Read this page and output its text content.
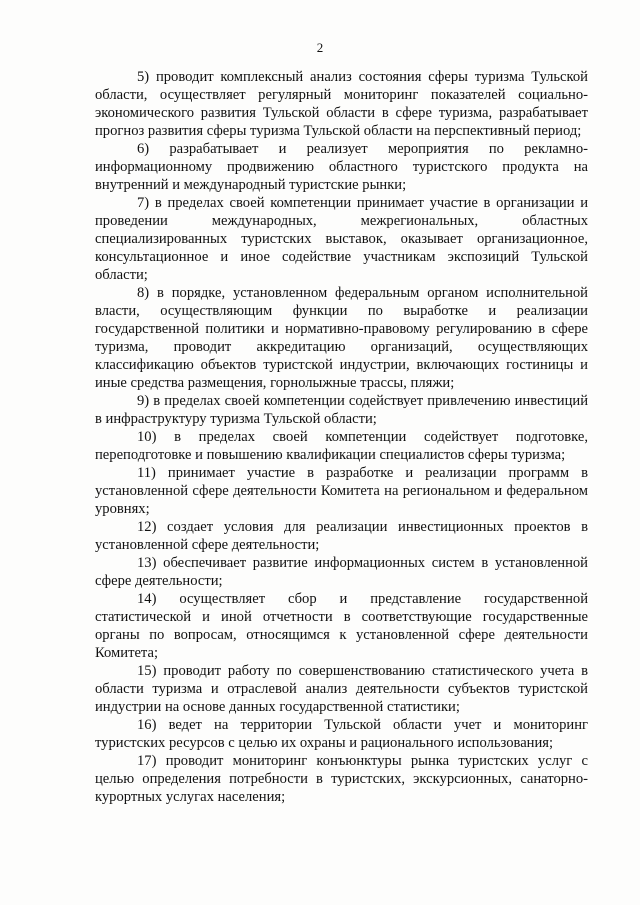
2

5) проводит комплексный анализ состояния сферы туризма Тульской области, осуществляет регулярный мониторинг показателей социально-экономического развития Тульской области в сфере туризма, разрабатывает прогноз развития сферы туризма Тульской области на перспективный период;

6) разрабатывает и реализует мероприятия по рекламно-информационному продвижению областного туристского продукта на внутренний и международный туристские рынки;

7) в пределах своей компетенции принимает участие в организации и проведении международных, межрегиональных, областных специализированных туристских выставок, оказывает организационное, консультационное и иное содействие участникам экспозиций Тульской области;

8) в порядке, установленном федеральным органом исполнительной власти, осуществляющим функции по выработке и реализации государственной политики и нормативно-правовому регулированию в сфере туризма, проводит аккредитацию организаций, осуществляющих классификацию объектов туристской индустрии, включающих гостиницы и иные средства размещения, горнолыжные трассы, пляжи;

9) в пределах своей компетенции содействует привлечению инвестиций в инфраструктуру туризма Тульской области;

10) в пределах своей компетенции содействует подготовке, переподготовке и повышению квалификации специалистов сферы туризма;

11) принимает участие в разработке и реализации программ в установленной сфере деятельности Комитета на региональном и федеральном уровнях;

12) создает условия для реализации инвестиционных проектов в установленной сфере деятельности;

13) обеспечивает развитие информационных систем в установленной сфере деятельности;

14) осуществляет сбор и представление государственной статистической и иной отчетности в соответствующие государственные органы по вопросам, относящимся к установленной сфере деятельности Комитета;

15) проводит работу по совершенствованию статистического учета в области туризма и отраслевой анализ деятельности субъектов туристской индустрии на основе данных государственной статистики;

16) ведет на территории Тульской области учет и мониторинг туристских ресурсов с целью их охраны и рационального использования;

17) проводит мониторинг конъюнктуры рынка туристских услуг с целью определения потребности в туристских, экскурсионных, санаторно-курортных услугах населения;
